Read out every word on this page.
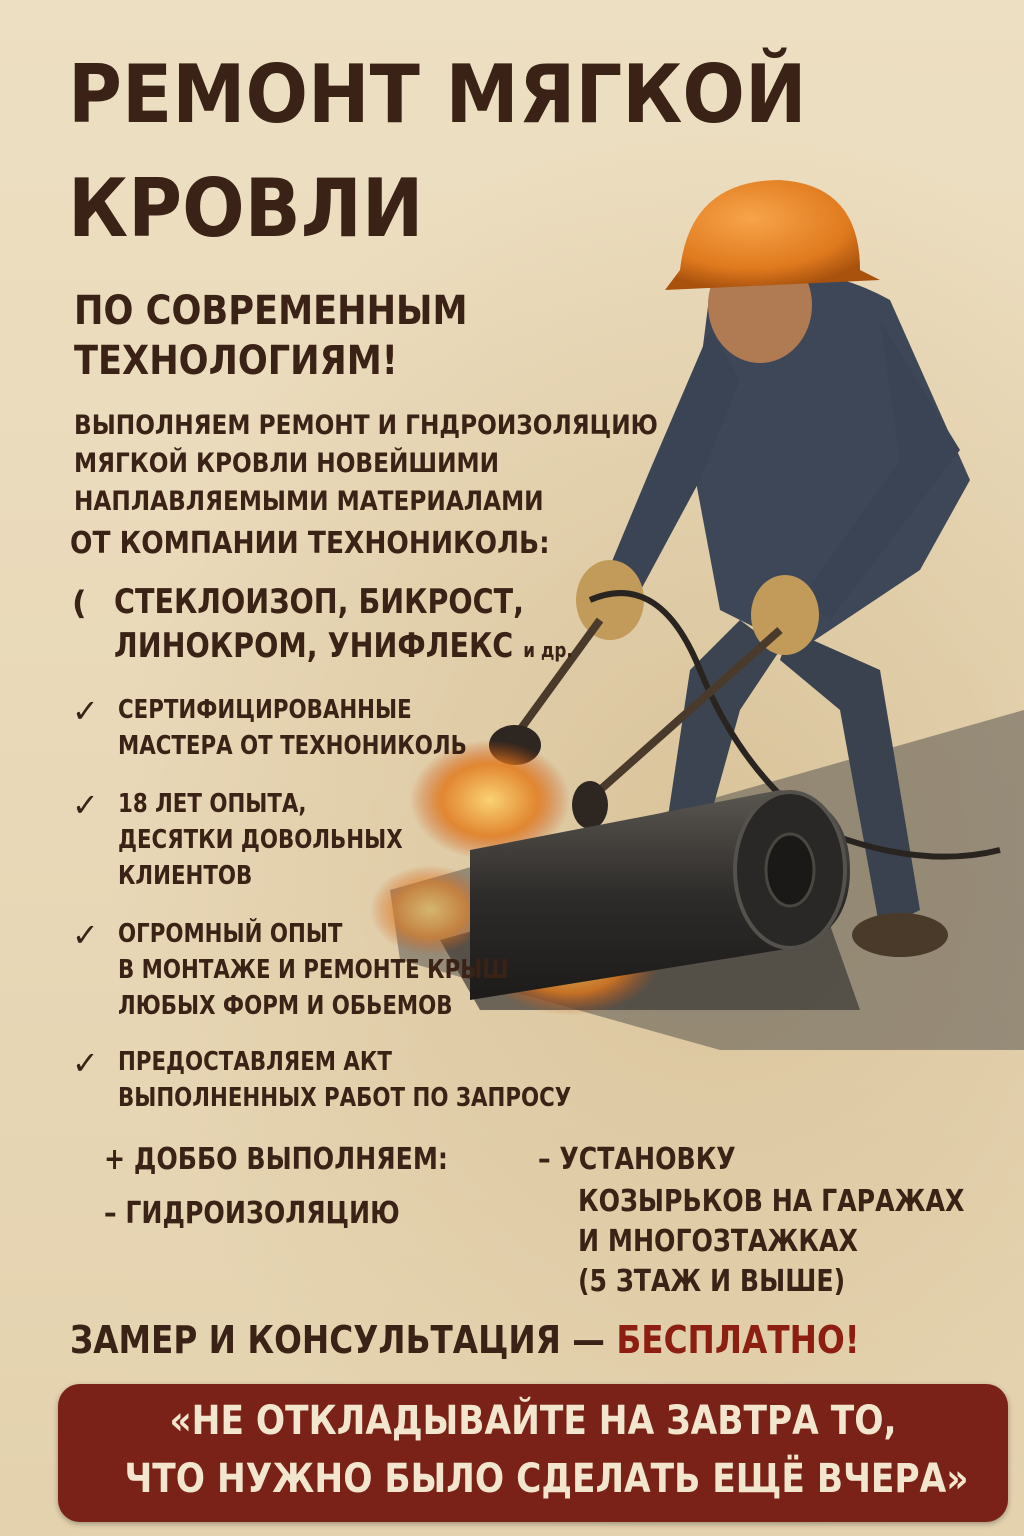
РЕМОНТ МЯГКОЙ
КРОВЛИ
ПО СОВРЕМЕННЫМ
ТЕХНОЛОГИЯМ!
ВЫПОЛНЯЕМ РЕМОНТ И ГНДРОИЗОЛЯЦИЮ
МЯГКОЙ КРОВЛИ НОВЕЙШИМИ
НАПЛАВЛЯЕМЫМИ МАТЕРИАЛАМИ
ОТ КОМПАНИИ ТЕХНОНИКОЛЬ:
( СТЕКЛОИЗОП, БИКРОСТ,
ЛИНОКРОМ, УНИФЛЕКС и др.
✓ СЕРТИФИЦИРОВАННЫЕ
МАСТЕРА ОТ ТЕХНОНИКОЛЬ
✓ 18 ЛЕТ ОПЫТА,
ДЕСЯТКИ ДОВОЛЬНЫХ
КЛИЕНТОВ
✓ ОГРОМНЫЙ ОПЫТ
В МОНТАЖЕ И РЕМОНТЕ КРЫШ
ЛЮБЫХ ФОРМ И ОБЬЕМОВ
✓ ПРЕДОСТАВЛЯЕМ АКТ
ВЫПОЛНЕННЫХ РАБОТ ПО ЗАПРОСУ
+ ДОББО ВЫПОЛНЯЕМ:
– ГИДРОИЗОЛЯЦИЮ
– УСТАНОВКУ
КОЗЫРЬКОВ НА ГАРАЖАХ
И МНОГОЗТАЖКАХ
(5 ЗТАЖ И ВЫШЕ)
ЗАМЕР И КОНСУЛЬТАЦИЯ — БЕСПЛАТНО!
«НЕ ОТКЛАДЫВАЙТЕ НА ЗАВТРА ТО,
ЧТО НУЖНО БЫЛО СДЕЛАТЬ ЕЩЁ ВЧЕРА»
